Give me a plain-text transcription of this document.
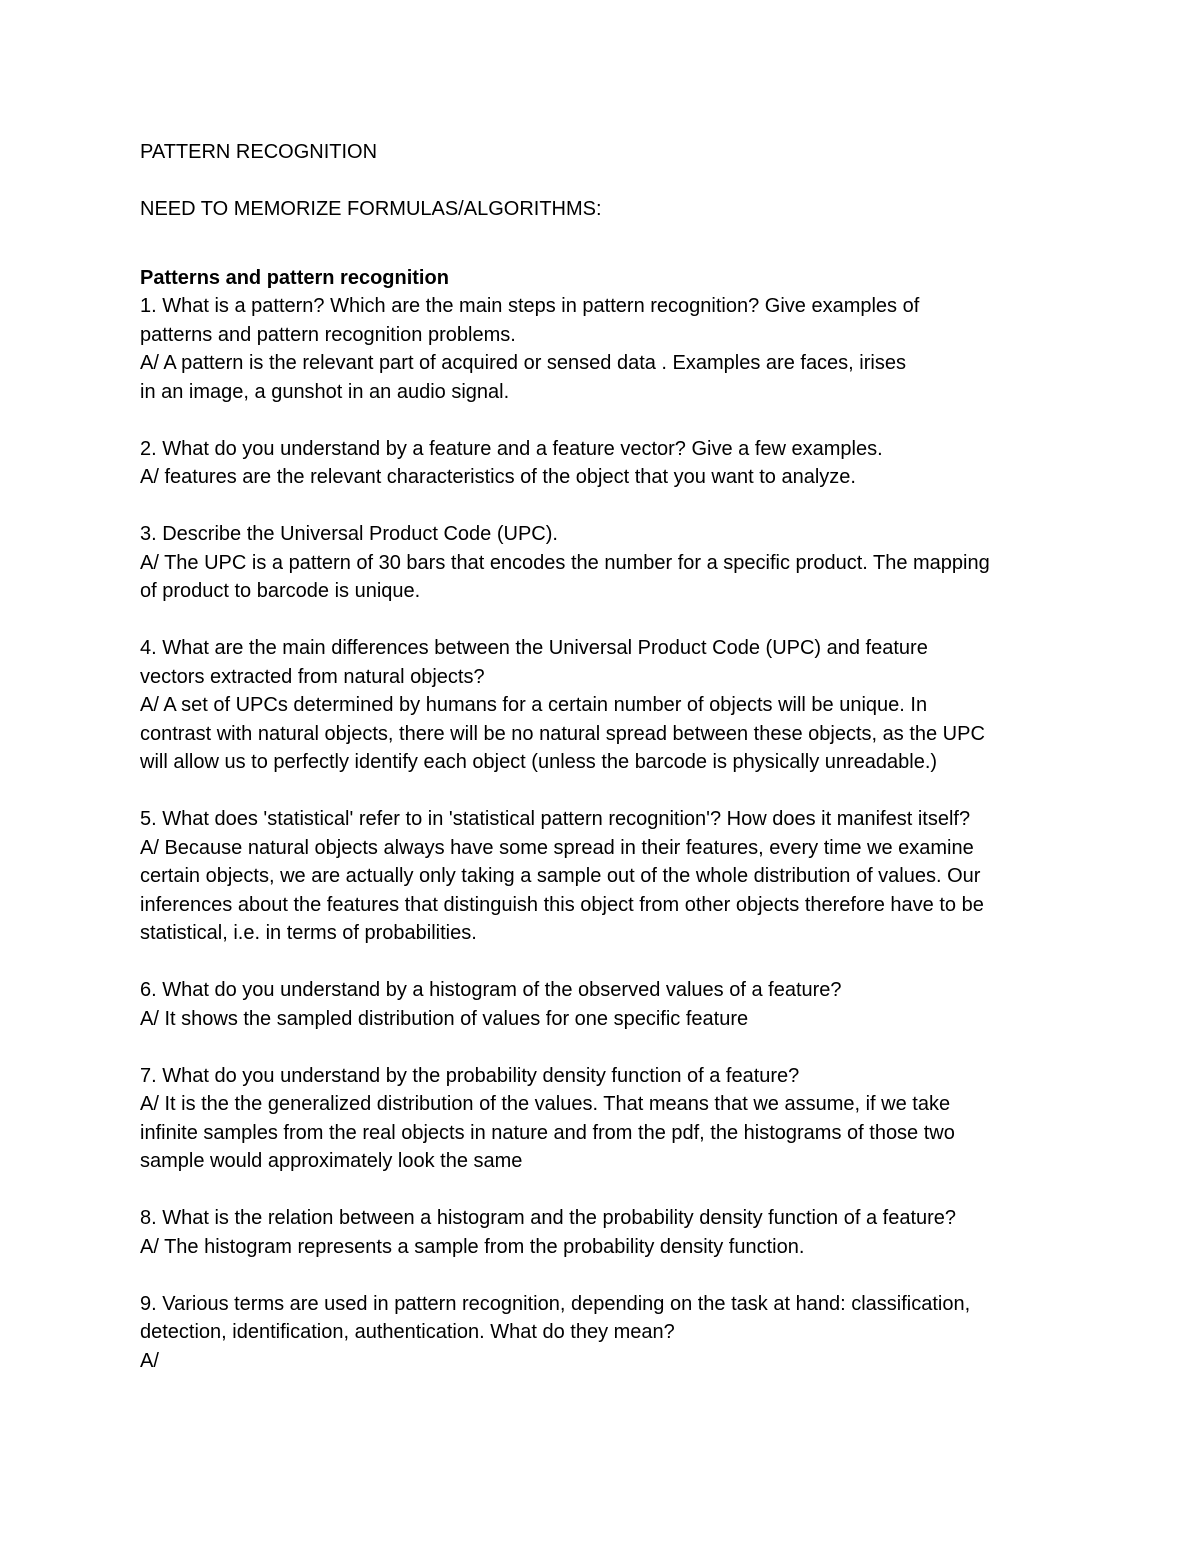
PATTERN RECOGNITION
NEED TO MEMORIZE FORMULAS/ALGORITHMS:
Patterns and pattern recognition
1. What is a pattern? Which are the main steps in pattern recognition? Give examples of
patterns and pattern recognition problems.
A/ A pattern is the relevant part of acquired or sensed data . Examples are faces, irises
in an image, a gunshot in an audio signal.
2. What do you understand by a feature and a feature vector? Give a few examples.
A/ features are the relevant characteristics of the object that you want to analyze.
3. Describe the Universal Product Code (UPC).
A/ The UPC is a pattern of 30 bars that encodes the number for a specific product. The mapping
of product to barcode is unique.
4. What are the main differences between the Universal Product Code (UPC) and feature
vectors extracted from natural objects?
A/ A set of UPCs determined by humans for a certain number of objects will be unique. In
contrast with natural objects, there will be no natural spread between these objects, as the UPC
will allow us to perfectly identify each object (unless the barcode is physically unreadable.)
5. What does 'statistical' refer to in 'statistical pattern recognition'? How does it manifest itself?
A/ Because natural objects always have some spread in their features, every time we examine
certain objects, we are actually only taking a sample out of the whole distribution of values. Our
inferences about the features that distinguish this object from other objects therefore have to be
statistical, i.e. in terms of probabilities.
6. What do you understand by a histogram of the observed values of a feature?
A/ It shows the sampled distribution of values for one specific feature
7. What do you understand by the probability density function of a feature?
A/ It is the the generalized distribution of the values. That means that we assume, if we take
infinite samples from the real objects in nature and from the pdf, the histograms of those two
sample would approximately look the same
8. What is the relation between a histogram and the probability density function of a feature?
A/ The histogram represents a sample from the probability density function.
9. Various terms are used in pattern recognition, depending on the task at hand: classification,
detection, identification, authentication. What do they mean?
A/
